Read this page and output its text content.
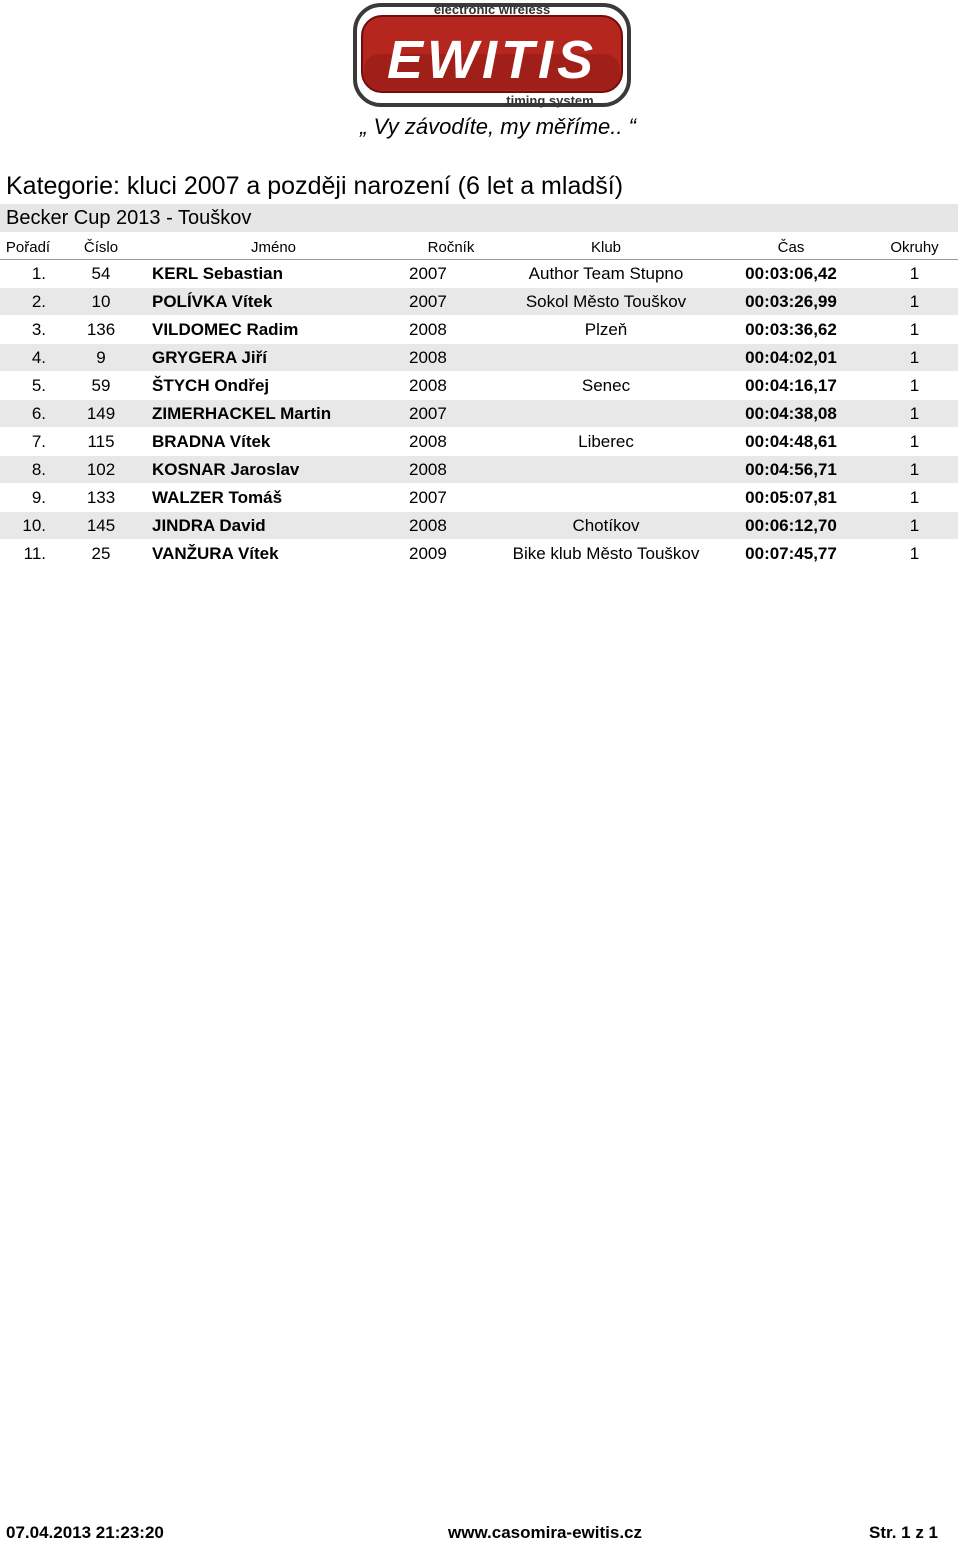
electronic wireless
EWITIS
timing system
„ Vy závodíte, my měříme.. “
Kategorie: kluci 2007 a později narození (6 let a mladší)
Becker Cup 2013 - Touškov
Pořadí	Číslo	Jméno	Ročník	Klub	Čas	Okruhy
1.	54	KERL Sebastian	2007	Author Team Stupno	00:03:06,42	1
2.	10	POLÍVKA Vítek	2007	Sokol Město Touškov	00:03:26,99	1
3.	136	VILDOMEC Radim	2008	Plzeň	00:03:36,62	1
4.	9	GRYGERA Jiří	2008		00:04:02,01	1
5.	59	ŠTYCH Ondřej	2008	Senec	00:04:16,17	1
6.	149	ZIMERHACKEL Martin	2007		00:04:38,08	1
7.	115	BRADNA Vítek	2008	Liberec	00:04:48,61	1
8.	102	KOSNAR Jaroslav	2008		00:04:56,71	1
9.	133	WALZER Tomáš	2007		00:05:07,81	1
10.	145	JINDRA David	2008	Chotíkov	00:06:12,70	1
11.	25	VANŽURA Vítek	2009	Bike klub Město Touškov	00:07:45,77	1
07.04.2013 21:23:20	www.casomira-ewitis.cz	Str. 1 z 1
